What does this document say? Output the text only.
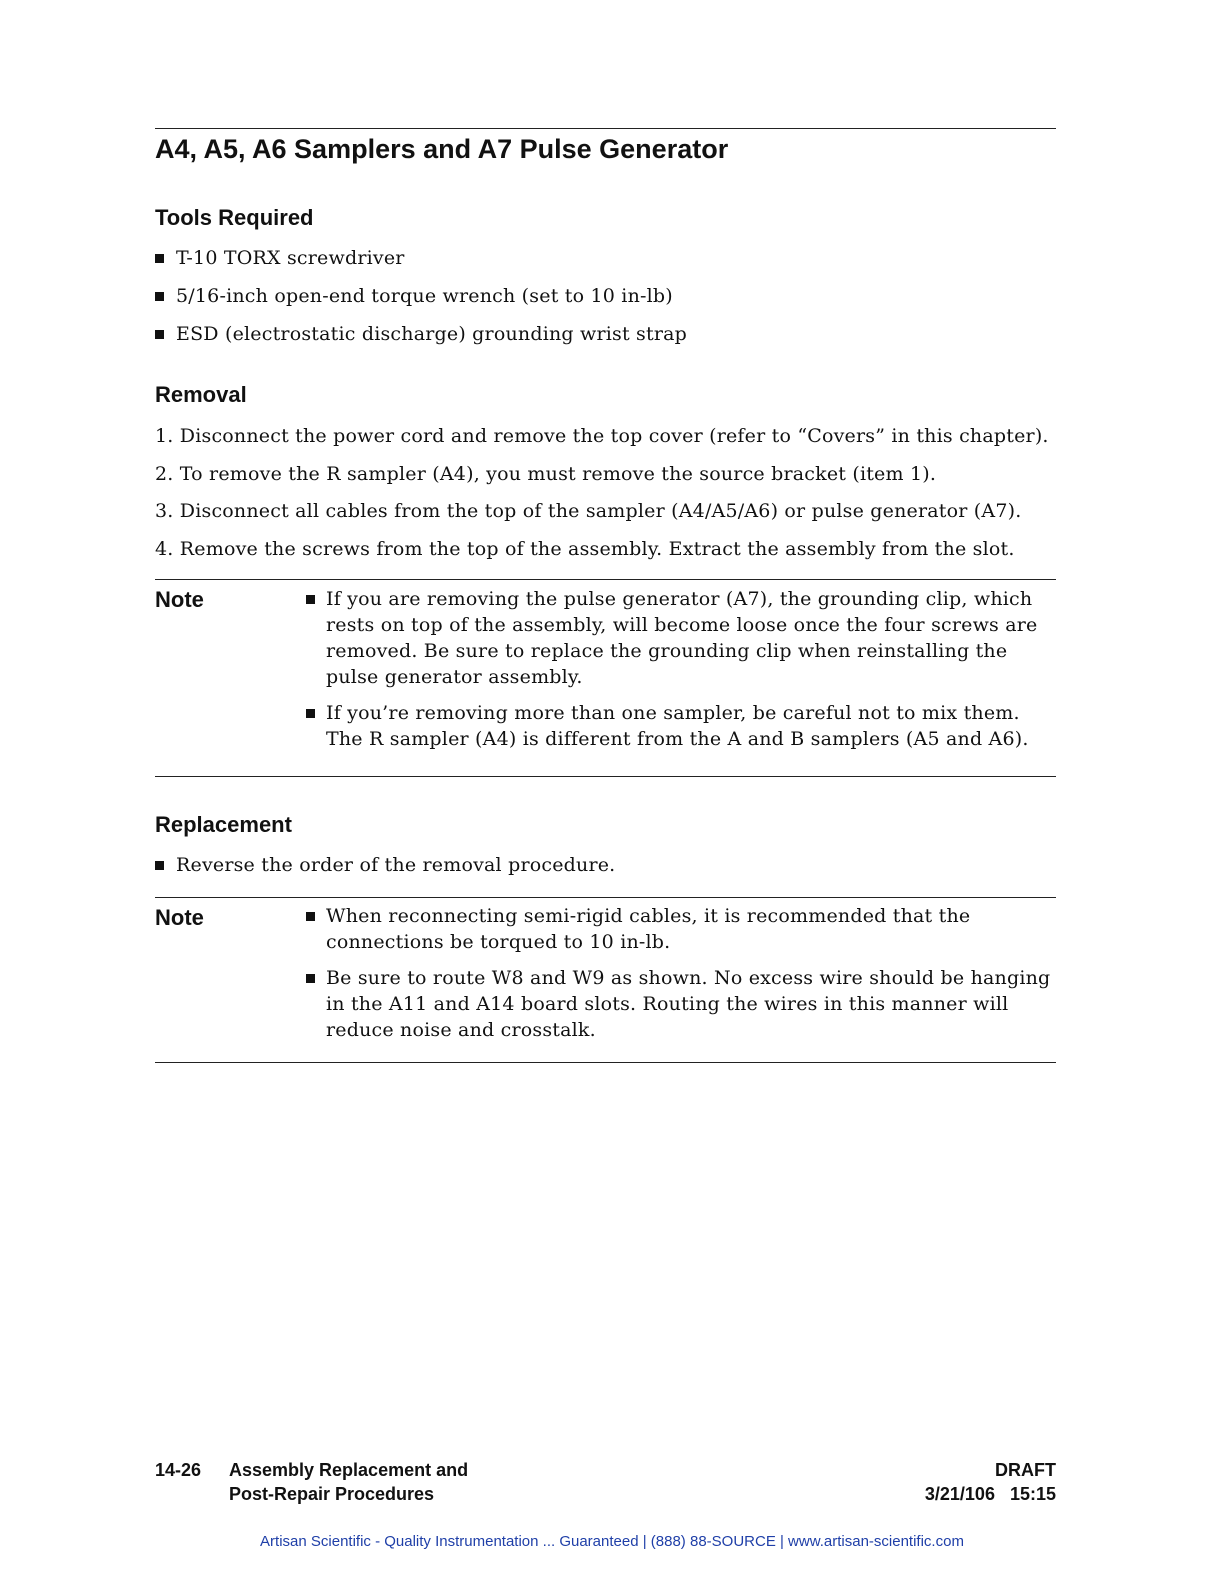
A4, A5, A6 Samplers and A7 Pulse Generator
Tools Required
T-10 TORX screwdriver
5/16-inch open-end torque wrench (set to 10 in-lb)
ESD (electrostatic discharge) grounding wrist strap
Removal
1. Disconnect the power cord and remove the top cover (refer to “Covers” in this chapter).
2. To remove the R sampler (A4), you must remove the source bracket (item 1).
3. Disconnect all cables from the top of the sampler (A4/A5/A6) or pulse generator (A7).
4. Remove the screws from the top of the assembly. Extract the assembly from the slot.
Note	If you are removing the pulse generator (A7), the grounding clip, which rests on top of the assembly, will become loose once the four screws are removed. Be sure to replace the grounding clip when reinstalling the pulse generator assembly.
If you’re removing more than one sampler, be careful not to mix them. The R sampler (A4) is different from the A and B samplers (A5 and A6).
Replacement
Reverse the order of the removal procedure.
Note	When reconnecting semi-rigid cables, it is recommended that the connections be torqued to 10 in-lb.
Be sure to route W8 and W9 as shown. No excess wire should be hanging in the A11 and A14 board slots. Routing the wires in this manner will reduce noise and crosstalk.
14-26 Assembly Replacement and
Post-Repair Procedures
DRAFT
3/21/106   15:15
Artisan Scientific - Quality Instrumentation ... Guaranteed | (888) 88-SOURCE | www.artisan-scientific.com
